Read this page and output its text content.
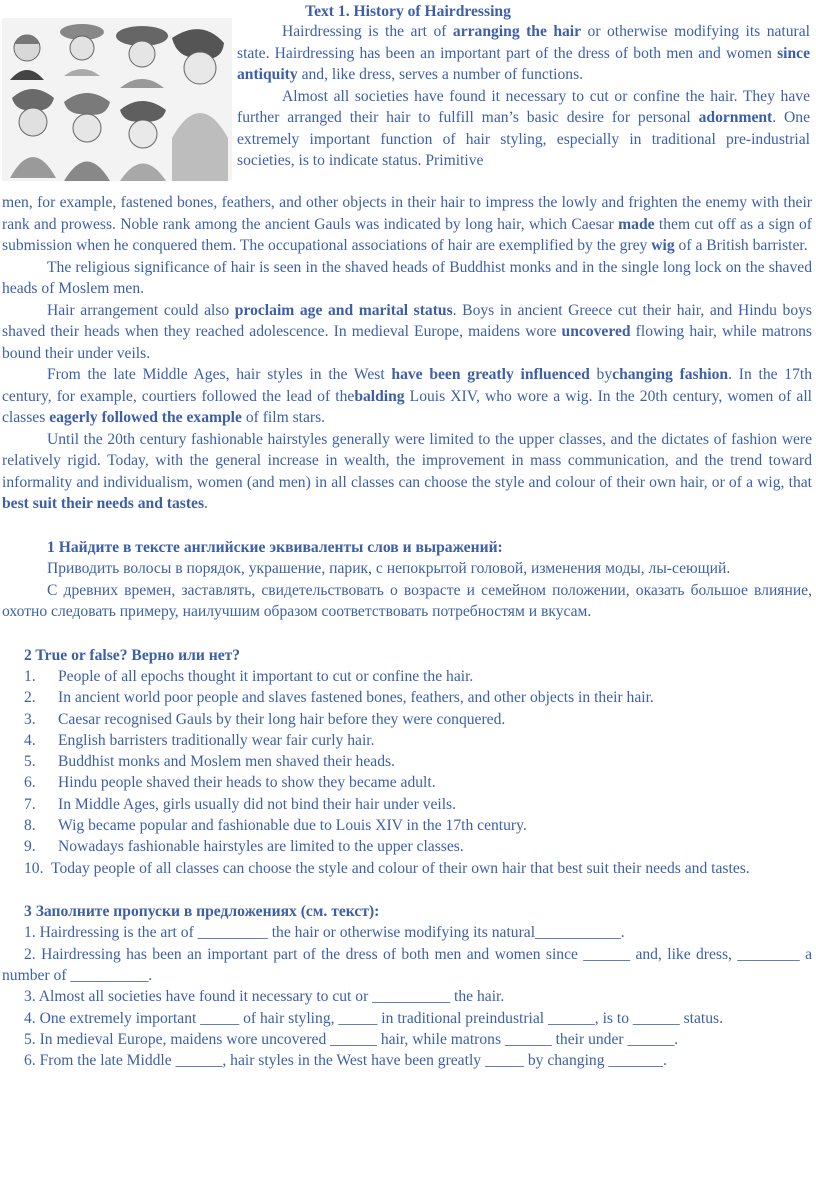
Text 1. History of Hairdressing

Hairdressing is the art of arranging the hair or otherwise modifying its natural state. Hairdressing has been an important part of the dress of both men and women since antiquity and, like dress, serves a number of functions.

Almost all societies have found it necessary to cut or confine the hair. They have further arranged their hair to fulfill man’s basic desire for personal adornment. One extremely important function of hair styling, especially in traditional pre-industrial societies, is to indicate status. Primitive

men, for example, fastened bones, feathers, and other objects in their hair to impress the lowly and frighten the enemy with their rank and prowess. Noble rank among the ancient Gauls was indicated by long hair, which Caesar made them cut off as a sign of submission when he conquered them. The occupational associations of hair are exemplified by the grey wig of a British barrister.

The religious significance of hair is seen in the shaved heads of Buddhist monks and in the single long lock on the shaved heads of Moslem men.

Hair arrangement could also proclaim age and marital status. Boys in ancient Greece cut their hair, and Hindu boys shaved their heads when they reached adolescence. In medieval Europe, maidens wore uncovered flowing hair, while matrons bound their under veils.

From the late Middle Ages, hair styles in the West have been greatly influenced bychanging fashion. In the 17th century, for example, courtiers followed the lead of thebalding Louis XIV, who wore a wig. In the 20th century, women of all classes eagerly followed the example of film stars.

Until the 20th century fashionable hairstyles generally were limited to the upper classes, and the dictates of fashion were relatively rigid. Today, with the general increase in wealth, the improvement in mass communication, and the trend toward informality and individualism, women (and men) in all classes can choose the style and colour of their own hair, or of a wig, that best suit their needs and tastes.

1 Найдите в тексте английские эквиваленты слов и выражений:

Приводить волосы в порядок, украшение, парик, с непокрытой головой, изменения моды, лы-сеющий.

С древних времен, заставлять, свидетельствовать о возрасте и семейном положении, оказать большое влияние, охотно следовать примеру, наилучшим образом соответствовать потребностям и вкусам.

2 True or false? Верно или нет?

1. People of all epochs thought it important to cut or confine the hair.

2. In ancient world poor people and slaves fastened bones, feathers, and other objects in their hair.

3. Caesar recognised Gauls by their long hair before they were conquered.

4. English barristers traditionally wear fair curly hair.

5. Buddhist monks and Moslem men shaved their heads.

6. Hindu people shaved their heads to show they became adult.

7. In Middle Ages, girls usually did not bind their hair under veils.

8. Wig became popular and fashionable due to Louis XIV in the 17th century.

9. Nowadays fashionable hairstyles are limited to the upper classes.

10. Today people of all classes can choose the style and colour of their own hair that best suit their needs and tastes.

3 Заполните пропуски в предложениях (см. текст):

1. Hairdressing is the art of _________ the hair or otherwise modifying its natural___________.

2. Hairdressing has been an important part of the dress of both men and women since ______ and, like dress, ________ a number of __________.

3. Almost all societies have found it necessary to cut or __________ the hair.

4. One extremely important _____ of hair styling, _____ in traditional preindustrial ______, is to ______ status.

5. In medieval Europe, maidens wore uncovered ______ hair, while matrons ______ their under ______.

6. From the late Middle ______, hair styles in the West have been greatly _____ by changing _______.
